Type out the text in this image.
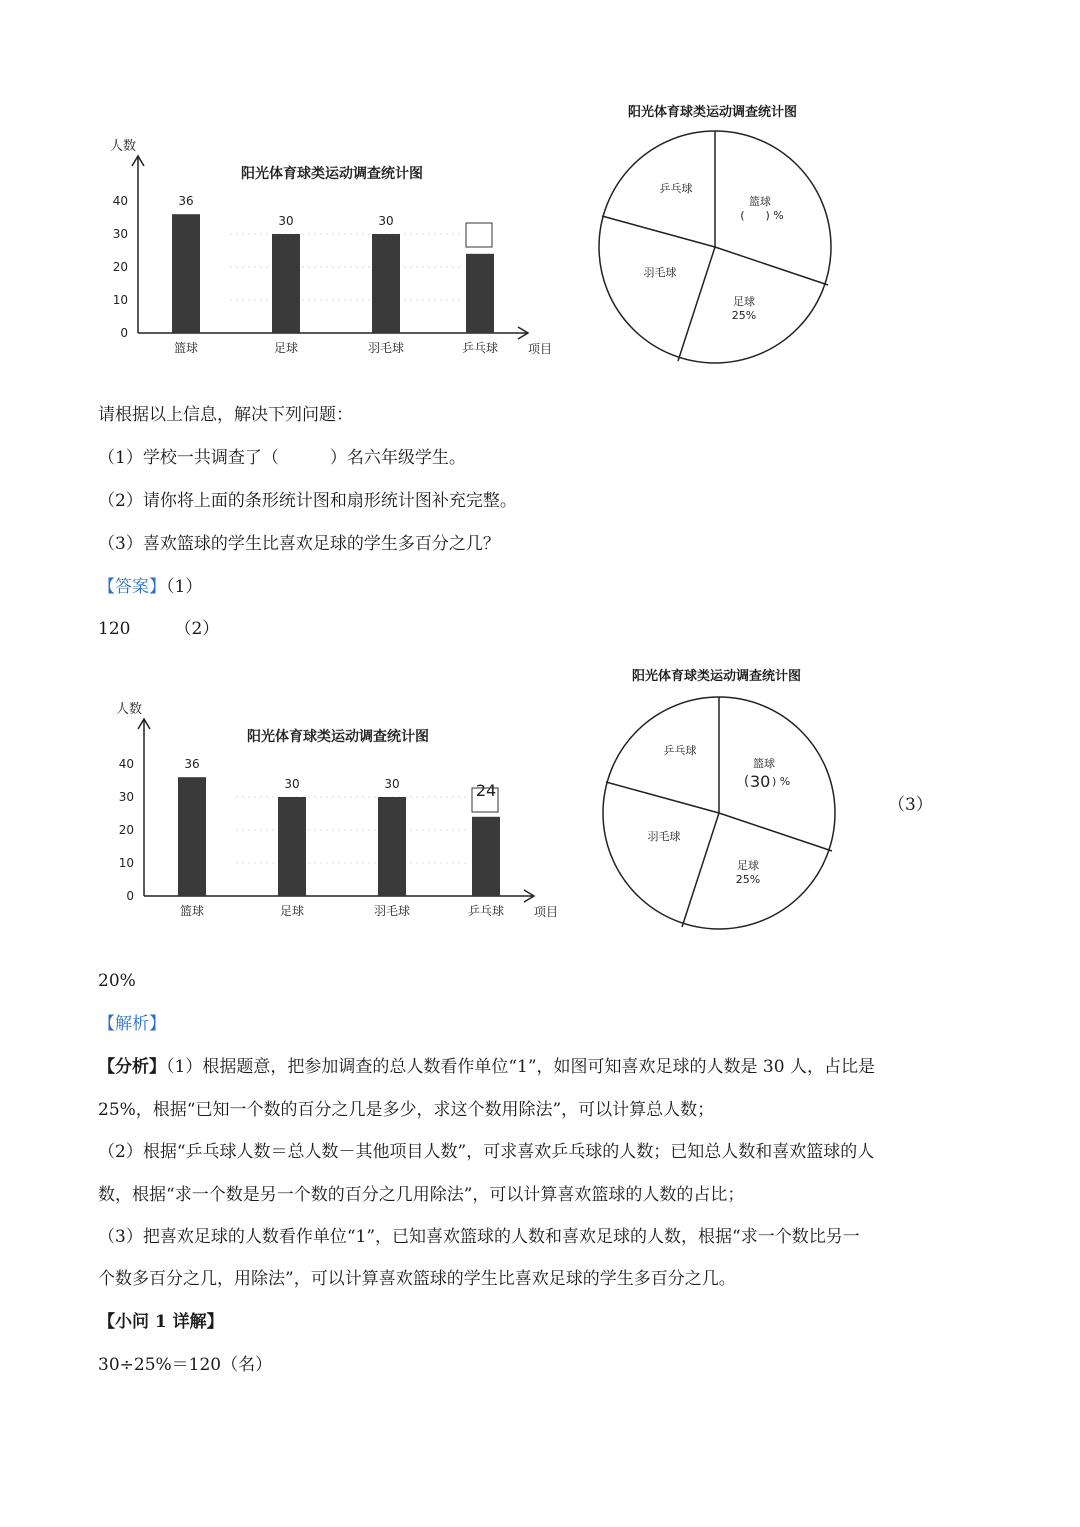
人数
阳光体育球类运动调查统计图
项目
0
10
20
30
40
篮球
36
足球
30
羽毛球
30
乒乓球
阳光体育球类运动调查统计图
乒乓球
篮球
(      ) %
羽毛球
足球
25%
请根据以上信息，解决下列问题：
（1）学校一共调查了（　　　）名六年级学生。
（2）请你将上面的条形统计图和扇形统计图补充完整。
（3）喜欢篮球的学生比喜欢足球的学生多百分之几？
【答案】（1）
120	（2）
人数
阳光体育球类运动调查统计图
项目
0
10
20
30
40
篮球
36
足球
30
羽毛球
30
乒乓球
24
阳光体育球类运动调查统计图
乒乓球
篮球
( 30 ) %
羽毛球
足球
25%
（3）
20%
【解析】
【分析】（1）根据题意，把参加调查的总人数看作单位“1”，如图可知喜欢足球的人数是 30 人，占比是
25%，根据“已知一个数的百分之几是多少，求这个数用除法”，可以计算总人数；
（2）根据“乒乓球人数＝总人数－其他项目人数”，可求喜欢乒乓球的人数；已知总人数和喜欢篮球的人
数，根据“求一个数是另一个数的百分之几用除法”，可以计算喜欢篮球的人数的占比；
（3）把喜欢足球的人数看作单位“1”，已知喜欢篮球的人数和喜欢足球的人数，根据“求一个数比另一
个数多百分之几，用除法”，可以计算喜欢篮球的学生比喜欢足球的学生多百分之几。
【小问 1 详解】
30÷25%＝120（名）
